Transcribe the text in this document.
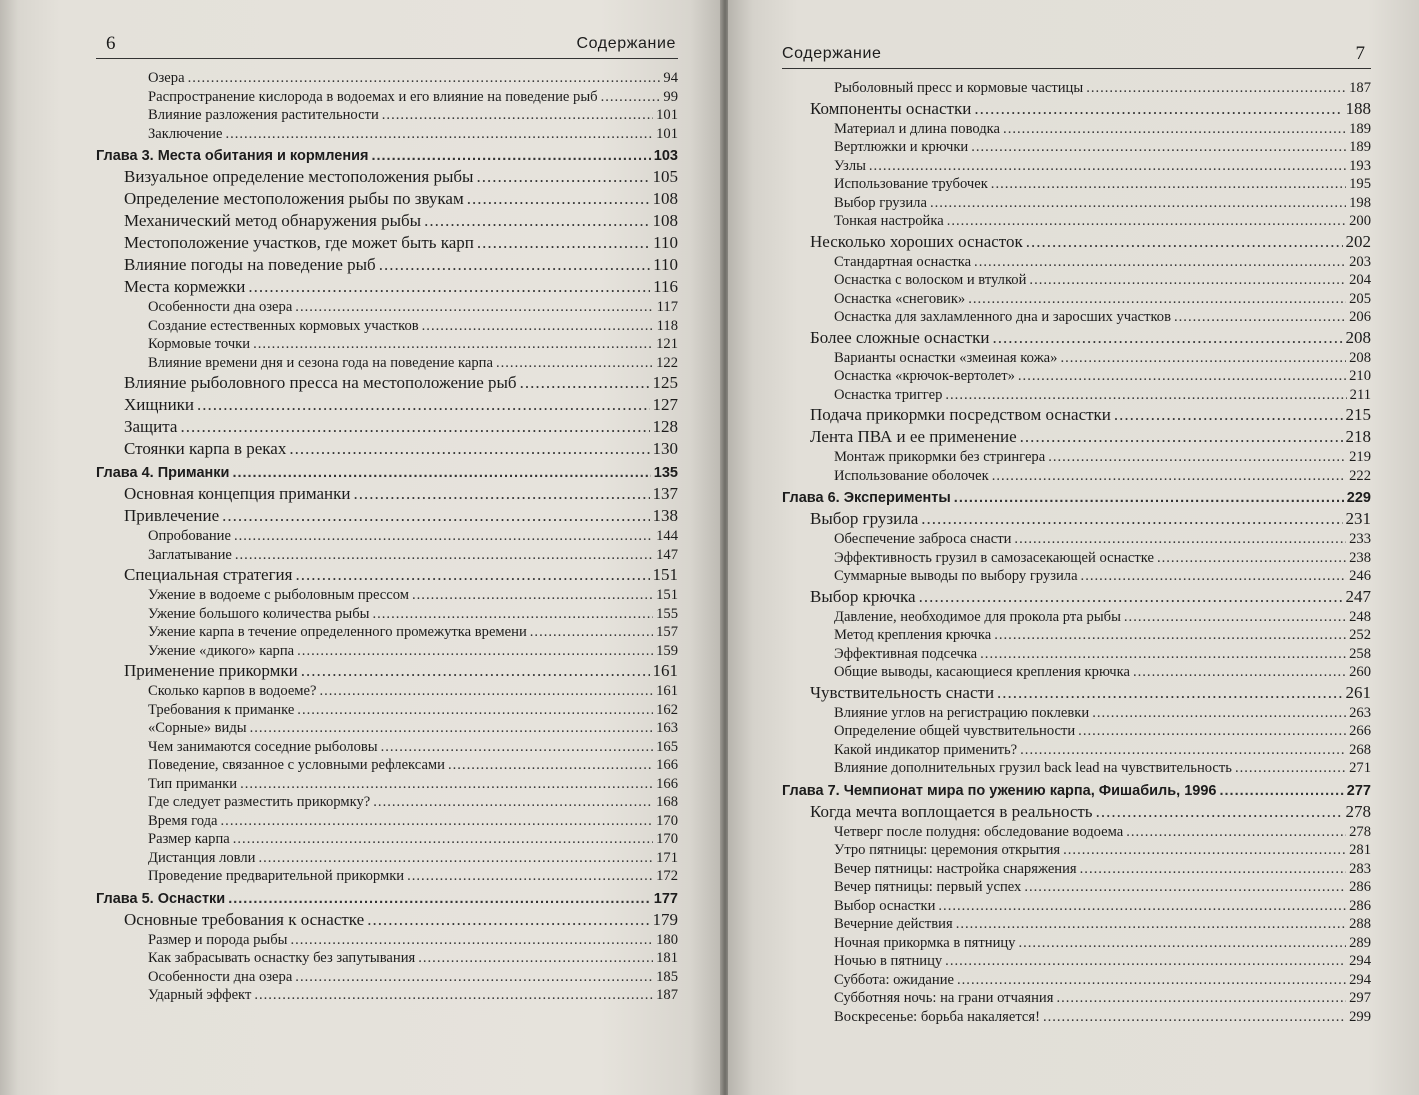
6	Содержание
Озера .....	94
Распространение кислорода в водоемах и его влияние на поведение рыб .....	99
Влияние разложения растительности .....	101
Заключение .....	101
Глава 3. Места обитания и кормления .....	103
Визуальное определение местоположения рыбы .....	105
Определение местоположения рыбы по звукам .....	108
Механический метод обнаружения рыбы .....	108
Местоположение участков, где может быть карп .....	110
Влияние погоды на поведение рыб .....	110
Места кормежки .....	116
Особенности дна озера .....	117
Создание естественных кормовых участков .....	118
Кормовые точки .....	121
Влияние времени дня и сезона года на поведение карпа .....	122
Влияние рыболовного пресса на местоположение рыб .....	125
Хищники .....	127
Защита .....	128
Стоянки карпа в реках .....	130
Глава 4. Приманки .....	135
Основная концепция приманки .....	137
Привлечение .....	138
Опробование .....	144
Заглатывание .....	147
Специальная стратегия .....	151
Ужение в водоеме с рыболовным прессом .....	151
Ужение большого количества рыбы .....	155
Ужение карпа в течение определенного промежутка времени .....	157
Ужение «дикого» карпа .....	159
Применение прикормки .....	161
Сколько карпов в водоеме? .....	161
Требования к приманке .....	162
«Сорные» виды .....	163
Чем занимаются соседние рыболовы .....	165
Поведение, связанное с условными рефлексами .....	166
Тип приманки .....	166
Где следует разместить прикормку? .....	168
Время года .....	170
Размер карпа .....	170
Дистанция ловли .....	171
Проведение предварительной прикормки .....	172
Глава 5. Оснастки .....	177
Основные требования к оснастке .....	179
Размер и порода рыбы .....	180
Как забрасывать оснастку без запутывания .....	181
Особенности дна озера .....	185
Ударный эффект .....	187
Содержание	7
Рыболовный пресс и кормовые частицы .....	187
Компоненты оснастки .....	188
Материал и длина поводка .....	189
Вертлюжки и крючки .....	189
Узлы .....	193
Использование трубочек .....	195
Выбор грузила .....	198
Тонкая настройка .....	200
Несколько хороших оснасток .....	202
Стандартная оснастка .....	203
Оснастка с волоском и втулкой .....	204
Оснастка «снеговик» .....	205
Оснастка для захламленного дна и заросших участков .....	206
Более сложные оснастки .....	208
Варианты оснастки «змеиная кожа» .....	208
Оснастка «крючок-вертолет» .....	210
Оснастка триггер .....	211
Подача прикормки посредством оснастки .....	215
Лента ПВА и ее применение .....	218
Монтаж прикормки без стрингера .....	219
Использование оболочек .....	222
Глава 6. Эксперименты .....	229
Выбор грузила .....	231
Обеспечение заброса снасти .....	233
Эффективность грузил в самозасекающей оснастке .....	238
Суммарные выводы по выбору грузила .....	246
Выбор крючка .....	247
Давление, необходимое для прокола рта рыбы .....	248
Метод крепления крючка .....	252
Эффективная подсечка .....	258
Общие выводы, касающиеся крепления крючка .....	260
Чувствительность снасти .....	261
Влияние углов на регистрацию поклевки .....	263
Определение общей чувствительности .....	266
Какой индикатор применить? .....	268
Влияние дополнительных грузил back lead на чувствительность .....	271
Глава 7. Чемпионат мира по ужению карпа, Фишабиль, 1996 .....	277
Когда мечта воплощается в реальность .....	278
Четверг после полудня: обследование водоема .....	278
Утро пятницы: церемония открытия .....	281
Вечер пятницы: настройка снаряжения .....	283
Вечер пятницы: первый успех .....	286
Выбор оснастки .....	286
Вечерние действия .....	288
Ночная прикормка в пятницу .....	289
Ночью в пятницу .....	294
Суббота: ожидание .....	294
Субботняя ночь: на грани отчаяния .....	297
Воскресенье: борьба накаляется! .....	299
